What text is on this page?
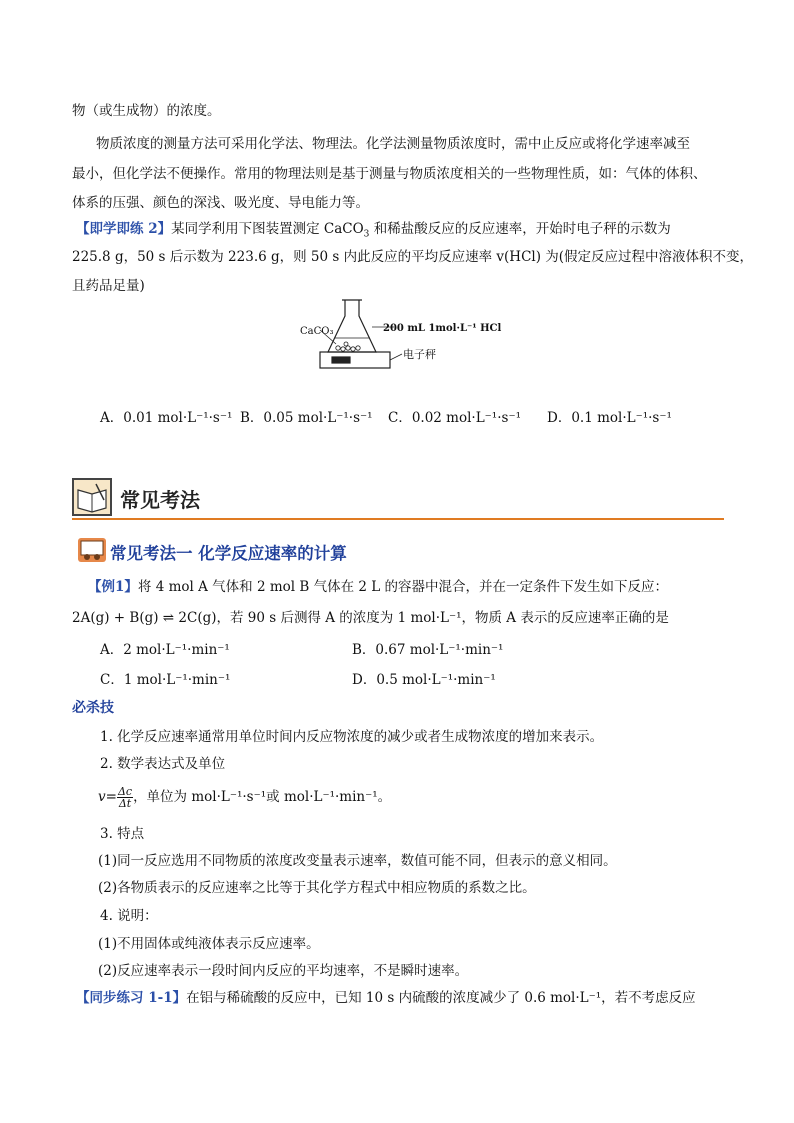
物（或生成物）的浓度。
物质浓度的测量方法可采用化学法、物理法。化学法测量物质浓度时，需中止反应或将化学速率减至
最小，但化学法不便操作。常用的物理法则是基于测量与物质浓度相关的一些物理性质，如：气体的体积、
体系的压强、颜色的深浅、吸光度、导电能力等。
【即学即练 2】某同学利用下图装置测定 CaCO$_3$ 和稀盐酸反应的反应速率，开始时电子秤的示数为
225.8 g，50 s 后示数为 223.6 g，则 50 s 内此反应的平均反应速率 v(HCl) 为(假定反应过程中溶液体积不变，
且药品足量)
CaCO₃	200 mL 1mol·L⁻¹ HCl
电子秤
A．0.01 mol·L⁻¹·s⁻¹ B．0.05 mol·L⁻¹·s⁻¹ C．0.02 mol·L⁻¹·s⁻¹ D．0.1 mol·L⁻¹·s⁻¹
常见考法
常见考法一 化学反应速率的计算
【例1】将 4 mol A 气体和 2 mol B 气体在 2 L 的容器中混合，并在一定条件下发生如下反应：
2A(g) + B(g) ⇌ 2C(g)，若 90 s 后测得 A 的浓度为 1 mol·L⁻¹，物质 A 表示的反应速率正确的是
A．2 mol·L⁻¹·min⁻¹	B．0.67 mol·L⁻¹·min⁻¹
C．1 mol·L⁻¹·min⁻¹	D．0.5 mol·L⁻¹·min⁻¹
必杀技
1. 化学反应速率通常用单位时间内反应物浓度的减少或者生成物浓度的增加来表示。
2. 数学表达式及单位
$v= \frac{\Delta c}{\Delta t}$ ，单位为 mol·L⁻¹·s⁻¹或 mol·L⁻¹·min⁻¹。
3. 特点
(1)同一反应选用不同物质的浓度改变量表示速率，数值可能不同，但表示的意义相同。
(2)各物质表示的反应速率之比等于其化学方程式中相应物质的系数之比。
4. 说明：
(1)不用固体或纯液体表示反应速率。
(2)反应速率表示一段时间内反应的平均速率，不是瞬时速率。
【同步练习 1-1】在铝与稀硫酸的反应中，已知 10 s 内硫酸的浓度减少了 0.6 mol·L⁻¹，若不考虑反应
